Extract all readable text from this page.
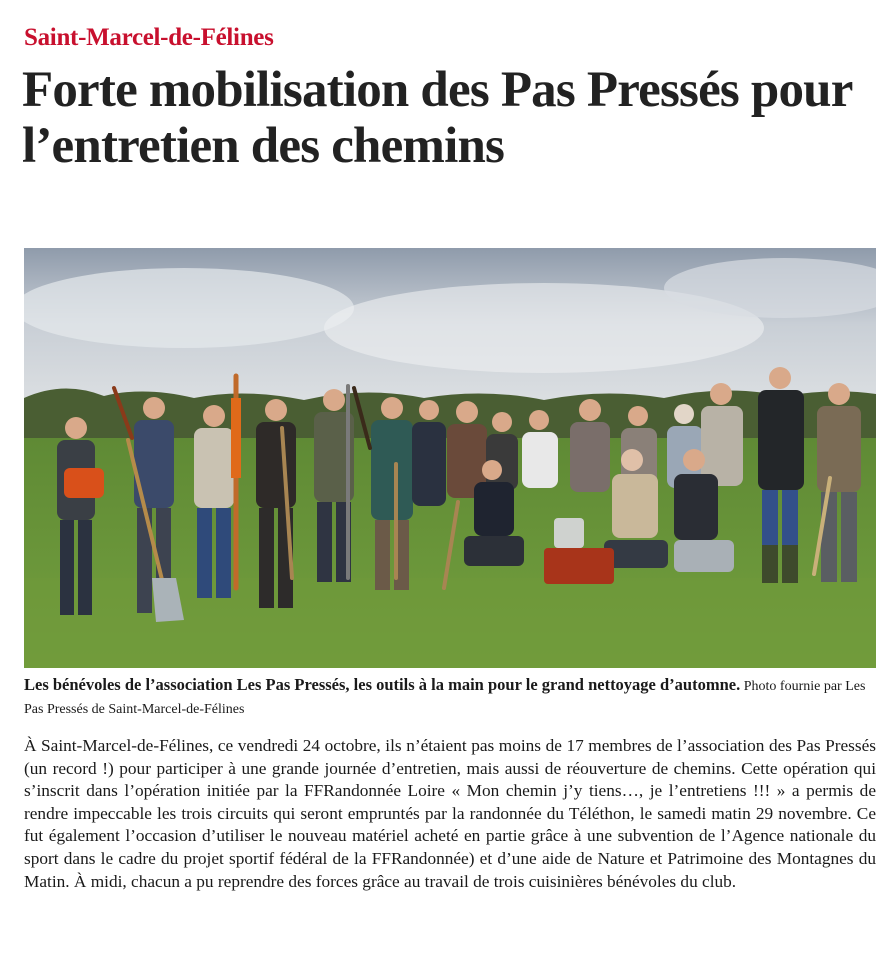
Saint-Marcel-de-Félines
Forte mobilisation des Pas Pressés pour l’entretien des chemins
Les bénévoles de l’association Les Pas Pressés, les outils à la main pour le grand nettoyage d’automne. Photo fournie par Les Pas Pressés de Saint-Marcel-de-Félines

À Saint-Marcel-de-Félines, ce vendredi 24 octobre, ils n’étaient pas moins de 17 membres de l’association des Pas Pressés (un record !) pour participer à une grande journée d’entretien, mais aussi de réouverture de chemins. Cette opération qui s’inscrit dans l’opération initiée par la FFRandonnée Loire « Mon chemin j’y tiens…, je l’entretiens !!! » a permis de rendre impeccable les trois circuits qui seront empruntés par la randonnée du Téléthon, le samedi matin 29 novembre. Ce fut également l’occasion d’utiliser le nouveau matériel acheté en partie grâce à une subvention de l’Agence nationale du sport dans le cadre du projet sportif fédéral de la FFRandonnée) et d’une aide de Nature et Patrimoine des Montagnes du Matin. À midi, chacun a pu reprendre des forces grâce au travail de trois cuisinières bénévoles du club.
